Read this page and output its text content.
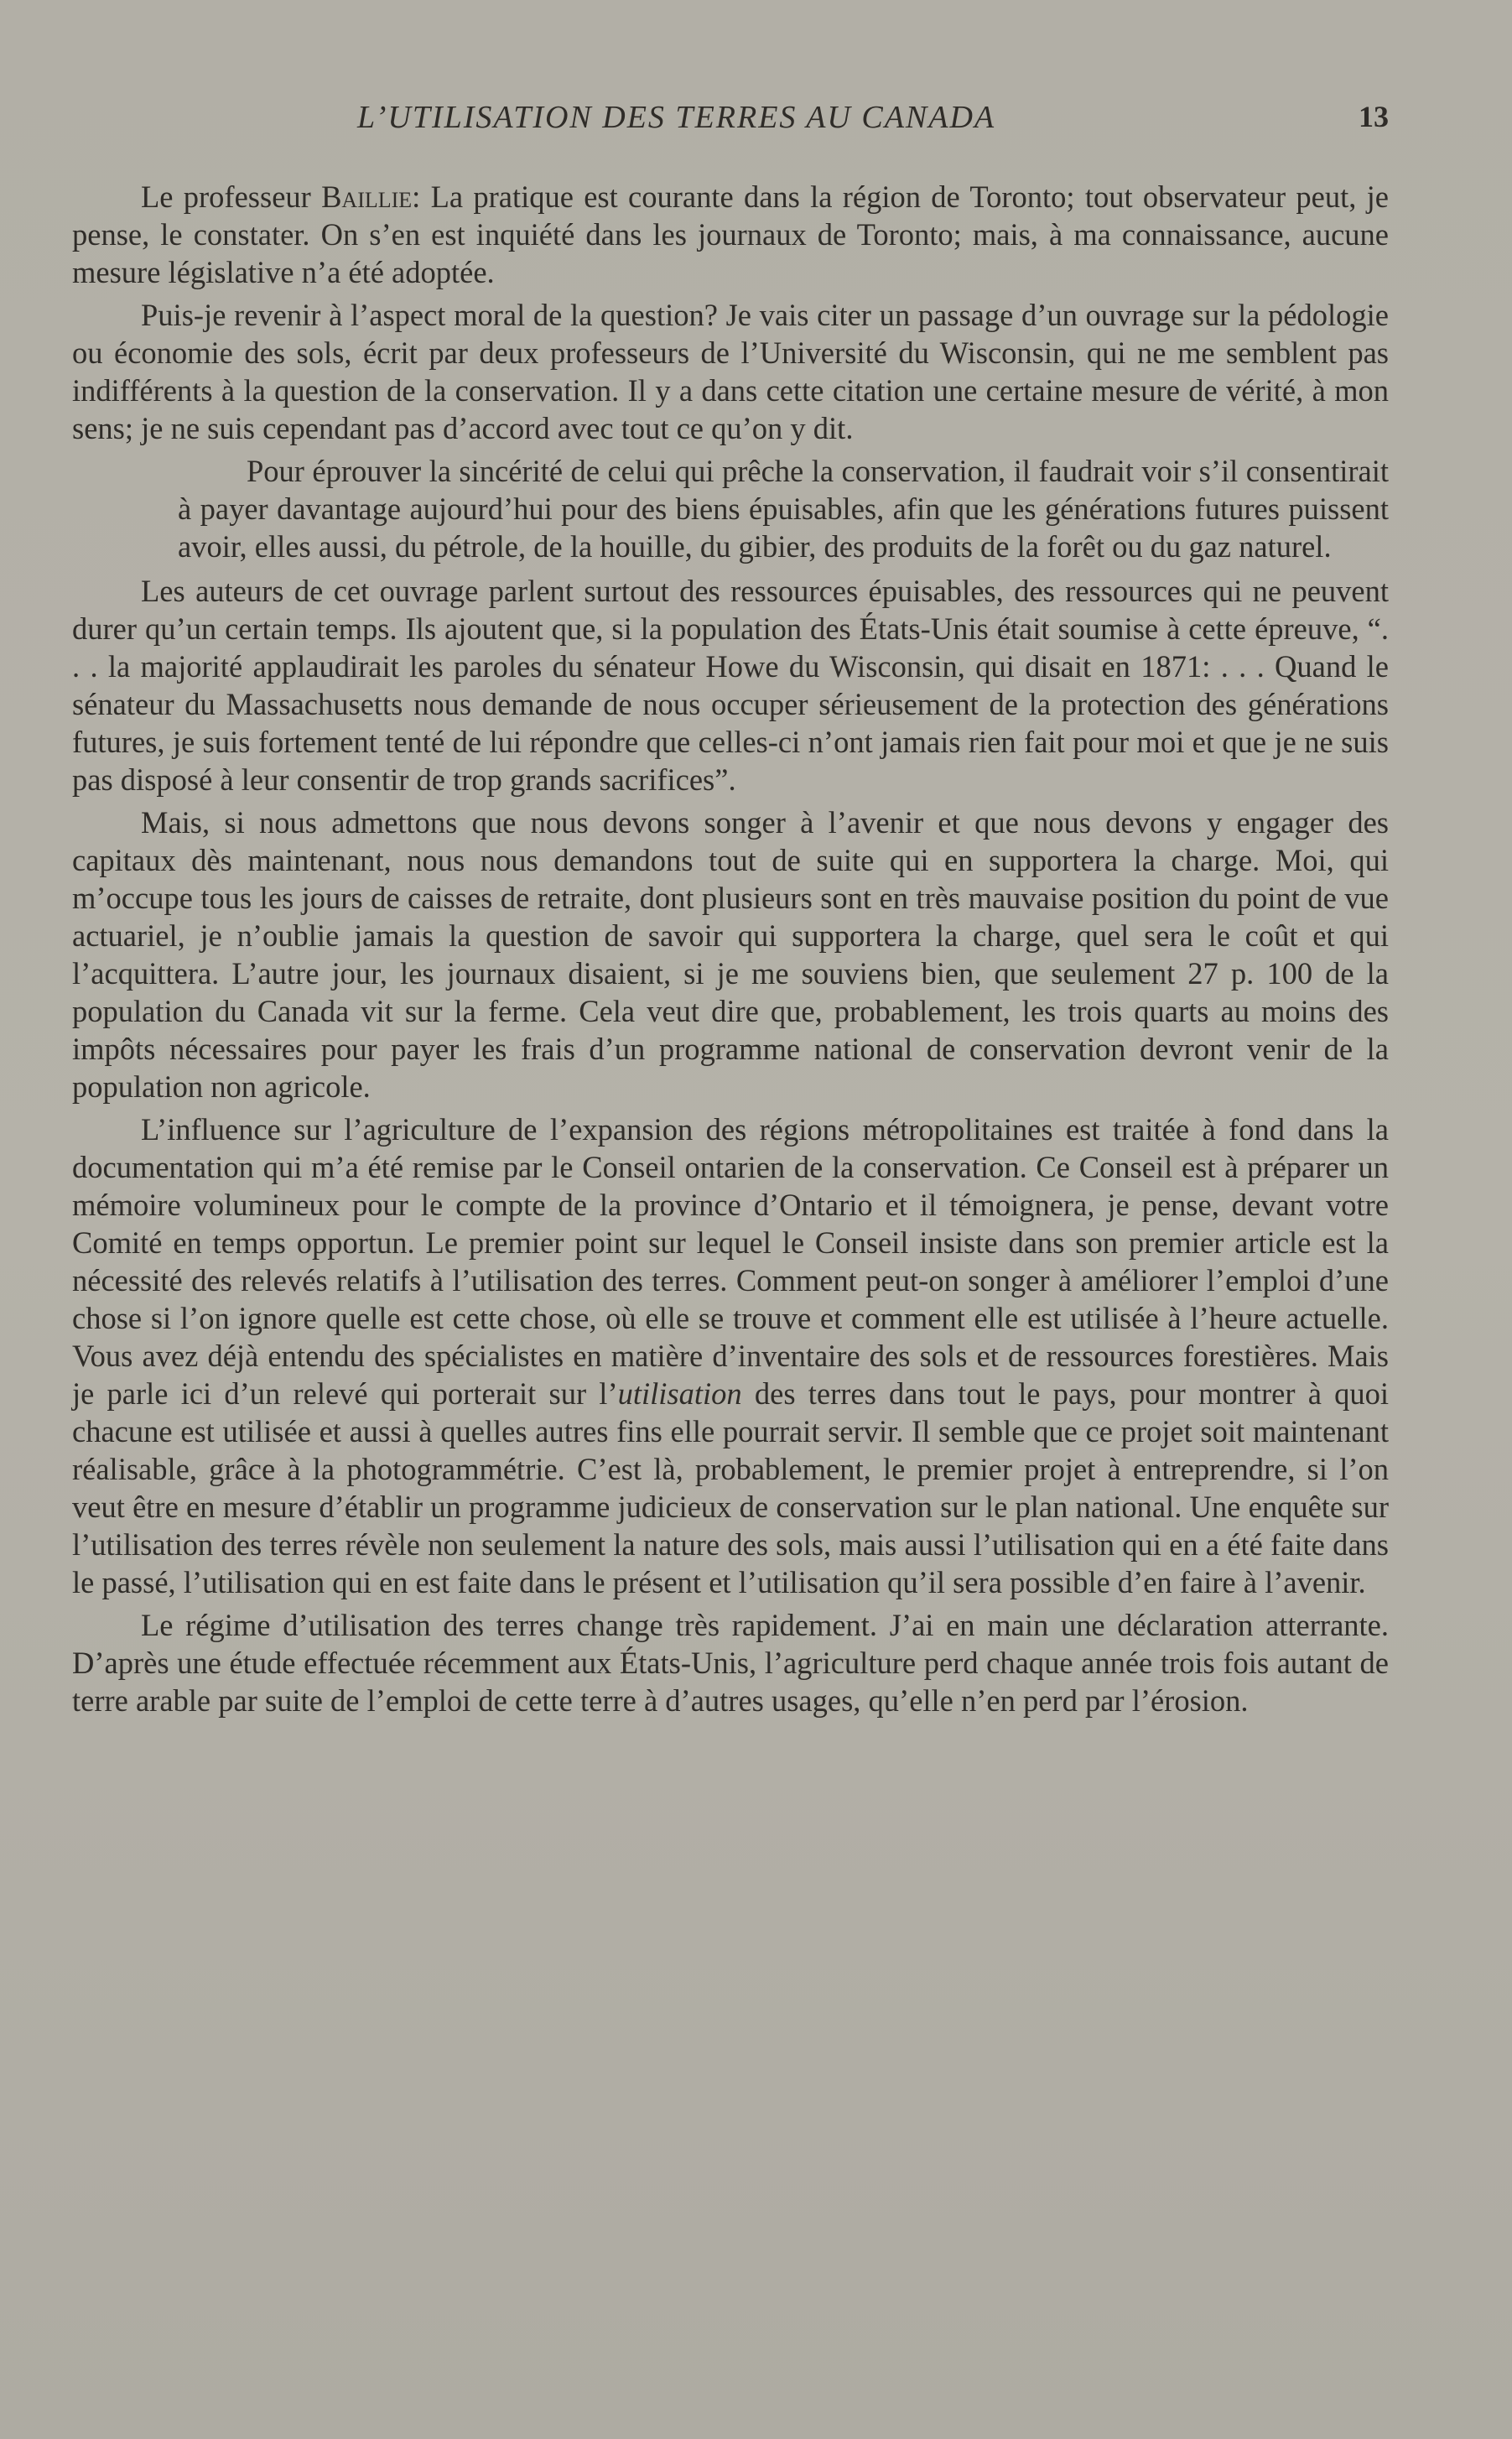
L’UTILISATION DES TERRES AU CANADA	13

Le professeur Baillie: La pratique est courante dans la région de Toronto; tout observateur peut, je pense, le constater. On s’en est inquiété dans les journaux de Toronto; mais, à ma connaissance, aucune mesure législative n’a été adoptée.

Puis-je revenir à l’aspect moral de la question? Je vais citer un passage d’un ouvrage sur la pédologie ou économie des sols, écrit par deux professeurs de l’Université du Wisconsin, qui ne me semblent pas indifférents à la question de la conservation. Il y a dans cette citation une certaine mesure de vérité, à mon sens; je ne suis cependant pas d’accord avec tout ce qu’on y dit.

Pour éprouver la sincérité de celui qui prêche la conservation, il faudrait voir s’il consentirait à payer davantage aujourd’hui pour des biens épuisables, afin que les générations futures puissent avoir, elles aussi, du pétrole, de la houille, du gibier, des produits de la forêt ou du gaz naturel.

Les auteurs de cet ouvrage parlent surtout des ressources épuisables, des ressources qui ne peuvent durer qu’un certain temps. Ils ajoutent que, si la population des États-Unis était soumise à cette épreuve, “. . . la majorité applaudirait les paroles du sénateur Howe du Wisconsin, qui disait en 1871: . . . Quand le sénateur du Massachusetts nous demande de nous occuper sérieusement de la protection des générations futures, je suis fortement tenté de lui répondre que celles-ci n’ont jamais rien fait pour moi et que je ne suis pas disposé à leur consentir de trop grands sacrifices”.

Mais, si nous admettons que nous devons songer à l’avenir et que nous devons y engager des capitaux dès maintenant, nous nous demandons tout de suite qui en supportera la charge. Moi, qui m’occupe tous les jours de caisses de retraite, dont plusieurs sont en très mauvaise position du point de vue actuariel, je n’oublie jamais la question de savoir qui supportera la charge, quel sera le coût et qui l’acquittera. L’autre jour, les journaux disaient, si je me souviens bien, que seulement 27 p. 100 de la population du Canada vit sur la ferme. Cela veut dire que, probablement, les trois quarts au moins des impôts nécessaires pour payer les frais d’un programme national de conservation devront venir de la population non agricole.

L’influence sur l’agriculture de l’expansion des régions métropolitaines est traitée à fond dans la documentation qui m’a été remise par le Conseil ontarien de la conservation. Ce Conseil est à préparer un mémoire volumineux pour le compte de la province d’Ontario et il témoignera, je pense, devant votre Comité en temps opportun. Le premier point sur lequel le Conseil insiste dans son premier article est la nécessité des relevés relatifs à l’utilisation des terres. Comment peut-on songer à améliorer l’emploi d’une chose si l’on ignore quelle est cette chose, où elle se trouve et comment elle est utilisée à l’heure actuelle. Vous avez déjà entendu des spécialistes en matière d’inventaire des sols et de ressources forestières. Mais je parle ici d’un relevé qui porterait sur l’utilisation des terres dans tout le pays, pour montrer à quoi chacune est utilisée et aussi à quelles autres fins elle pourrait servir. Il semble que ce projet soit maintenant réalisable, grâce à la photogrammétrie. C’est là, probablement, le premier projet à entreprendre, si l’on veut être en mesure d’établir un programme judicieux de conservation sur le plan national. Une enquête sur l’utilisation des terres révèle non seulement la nature des sols, mais aussi l’utilisation qui en a été faite dans le passé, l’utilisation qui en est faite dans le présent et l’utilisation qu’il sera possible d’en faire à l’avenir.

Le régime d’utilisation des terres change très rapidement. J’ai en main une déclaration atterrante. D’après une étude effectuée récemment aux États-Unis, l’agriculture perd chaque année trois fois autant de terre arable par suite de l’emploi de cette terre à d’autres usages, qu’elle n’en perd par l’érosion.
